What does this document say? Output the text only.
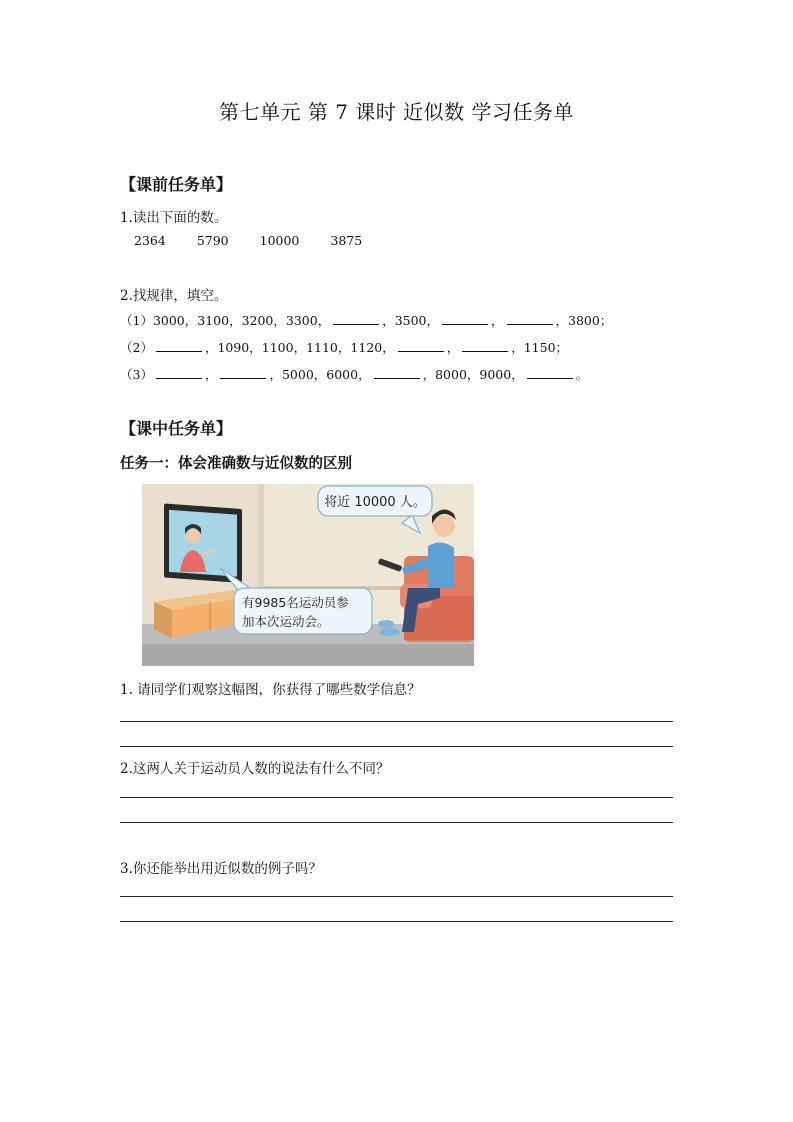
第七单元 第 7 课时 近似数 学习任务单
【课前任务单】
1.读出下面的数。
2364 5790 10000 3875
2.找规律，填空。
（1）3000，3100，3200，3300，	，3500，	，	，3800；
（2）	，1090，1100，1110，1120，	，	，1150；
（3）	，	，5000，6000，	，8000，9000，	。
【课中任务单】
任务一：体会准确数与近似数的区别
将近 10000 人。
有9985名运动员参
加本次运动会。
1. 请同学们观察这幅图，你获得了哪些数学信息？
2.这两人关于运动员人数的说法有什么不同？
3.你还能举出用近似数的例子吗？
